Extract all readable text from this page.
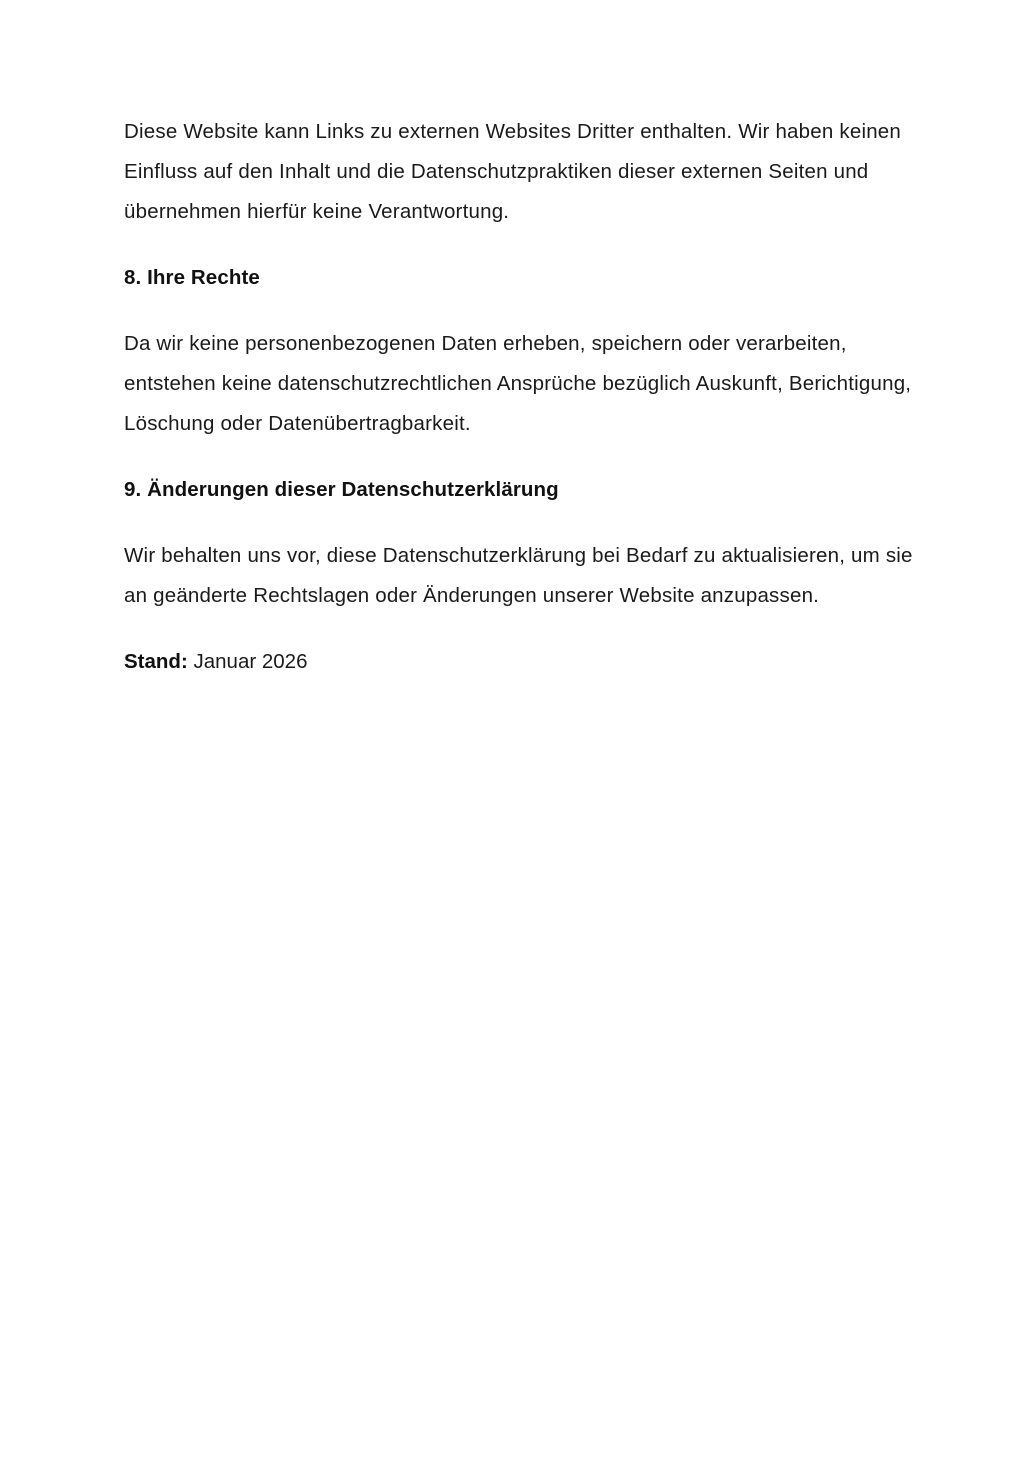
Diese Website kann Links zu externen Websites Dritter enthalten. Wir haben keinen Einfluss auf den Inhalt und die Datenschutzpraktiken dieser externen Seiten und übernehmen hierfür keine Verantwortung.

8. Ihre Rechte

Da wir keine personenbezogenen Daten erheben, speichern oder verarbeiten, entstehen keine datenschutzrechtlichen Ansprüche bezüglich Auskunft, Berichtigung, Löschung oder Datenübertragbarkeit.

9. Änderungen dieser Datenschutzerklärung

Wir behalten uns vor, diese Datenschutzerklärung bei Bedarf zu aktualisieren, um sie an geänderte Rechtslagen oder Änderungen unserer Website anzupassen.

Stand: Januar 2026
